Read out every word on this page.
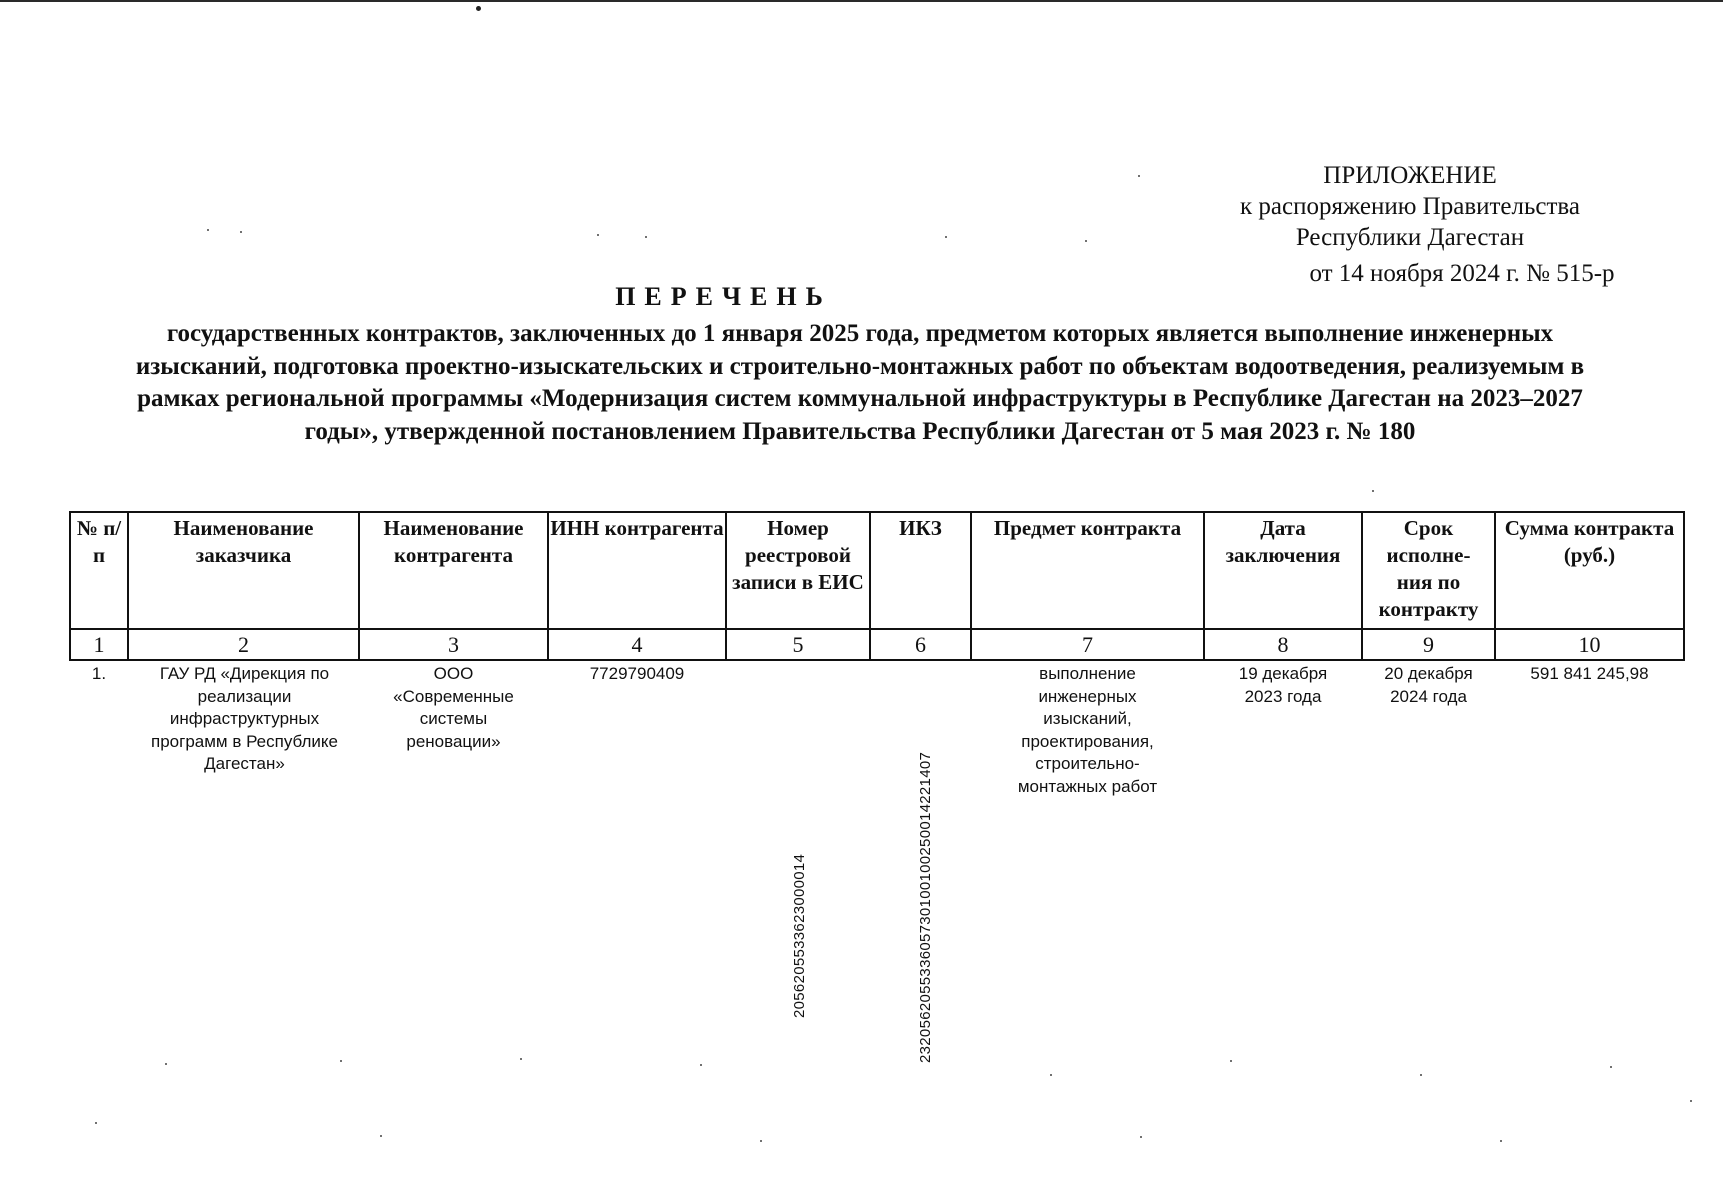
ПРИЛОЖЕНИЕ
к распоряжению Правительства
Республики Дагестан
от 14 ноября 2024 г. № 515-р
ПЕРЕЧЕНЬ
государственных контрактов, заключенных до 1 января 2025 года, предметом которых является выполнение инженерных изысканий, подготовка проектно-изыскательских и строительно-монтажных работ по объектам водоотведения, реализуемым в рамках региональной программы «Модернизация систем коммунальной инфраструктуры в Республике Дагестан на 2023–2027 годы», утвержденной постановлением Правительства Республики Дагестан от 5 мая 2023 г. № 180
№ п/п	Наименование заказчика	Наименование контрагента	ИНН контрагента	Номер реестровой записи в ЕИС	ИКЗ	Предмет контракта	Дата заключения	Срок исполне-ния по контракту	Сумма контракта (руб.)
1	2	3	4	5	6	7	8	9	10
1.	ГАУ РД «Дирекция по реализации инфраструктурных программ в Республике Дагестан»	ООО «Современные системы реновации»	7729790409	2056205533623000014	232056205533605730100100250014221407	выполнение инженерных изысканий, проектирования, строительно-монтажных работ	19 декабря 2023 года	20 декабря 2024 года	591 841 245,98
